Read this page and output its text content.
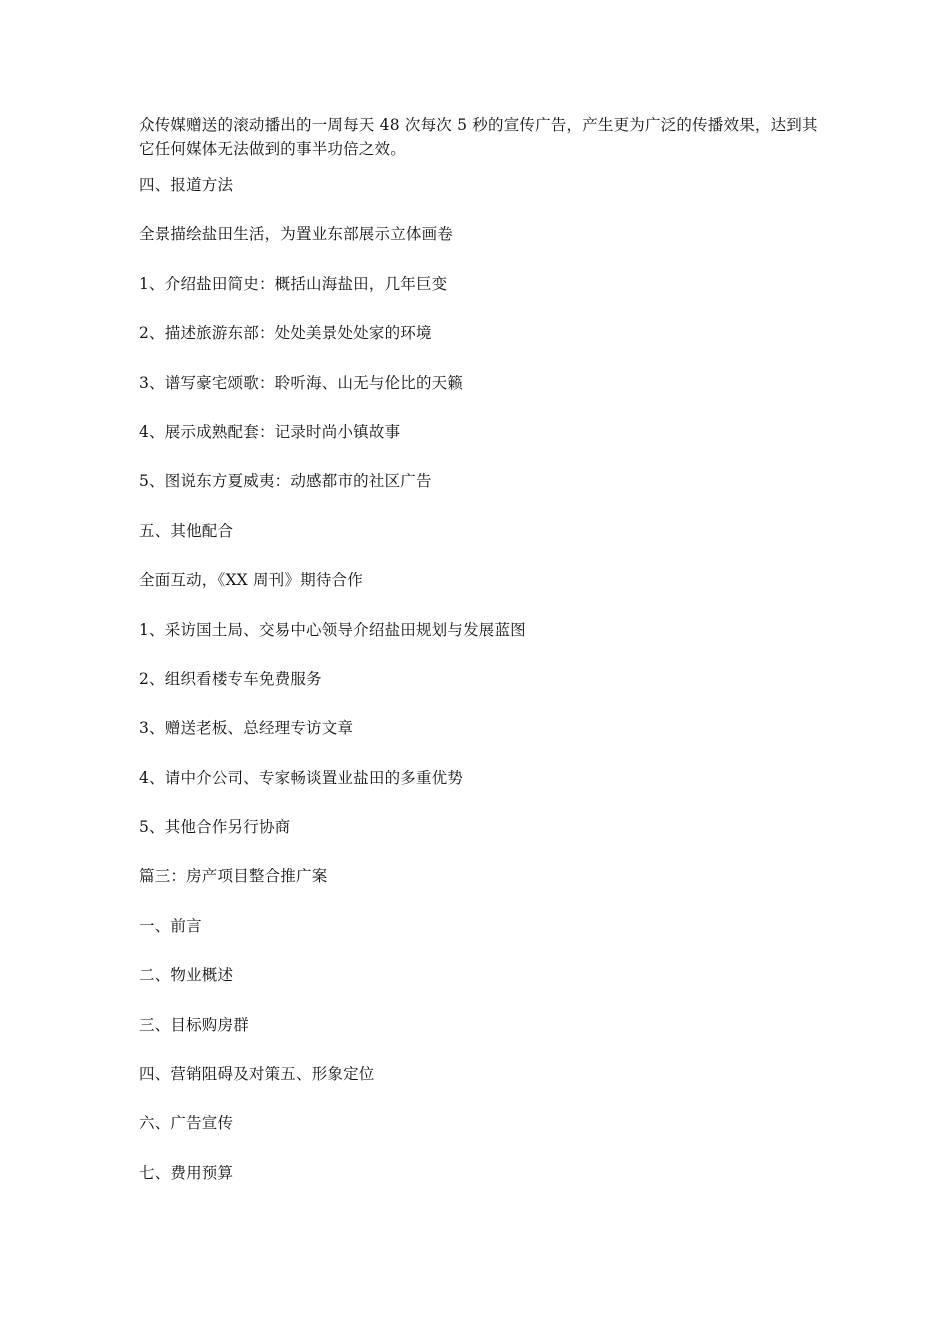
众传媒赠送的滚动播出的一周每天 48 次每次 5 秒的宣传广告，产生更为广泛的传播效果，达到其它任何媒体无法做到的事半功倍之效。

四、报道方法

全景描绘盐田生活，为置业东部展示立体画卷

1、介绍盐田简史：概括山海盐田，几年巨变

2、描述旅游东部：处处美景处处家的环境

3、谱写豪宅颂歌：聆听海、山无与伦比的天籁

4、展示成熟配套：记录时尚小镇故事

5、图说东方夏威夷：动感都市的社区广告

五、其他配合

全面互动，《XX 周刊》期待合作

1、采访国土局、交易中心领导介绍盐田规划与发展蓝图

2、组织看楼专车免费服务

3、赠送老板、总经理专访文章

4、请中介公司、专家畅谈置业盐田的多重优势

5、其他合作另行协商

篇三：房产项目整合推广案

一、前言

二、物业概述

三、目标购房群

四、营销阻碍及对策五、形象定位

六、广告宣传

七、费用预算
